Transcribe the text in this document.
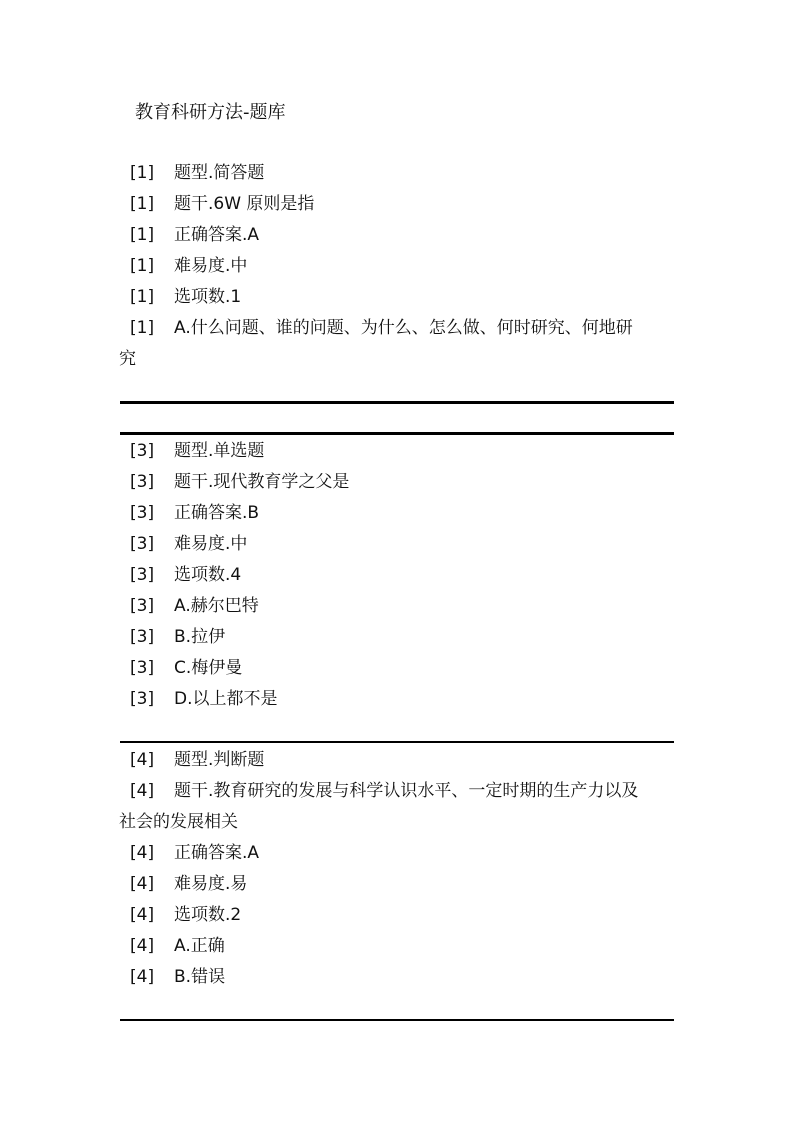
教育科研方法-题库
[1] 题型.简答题
[1] 题干.6W 原则是指
[1] 正确答案.A
[1] 难易度.中
[1] 选项数.1
[1] A.什么问题、谁的问题、为什么、怎么做、何时研究、何地研
究
[3] 题型.单选题
[3] 题干.现代教育学之父是
[3] 正确答案.B
[3] 难易度.中
[3] 选项数.4
[3] A.赫尔巴特
[3] B.拉伊
[3] C.梅伊曼
[3] D.以上都不是
[4] 题型.判断题
[4] 题干.教育研究的发展与科学认识水平、一定时期的生产力以及
社会的发展相关
[4] 正确答案.A
[4] 难易度.易
[4] 选项数.2
[4] A.正确
[4] B.错误
